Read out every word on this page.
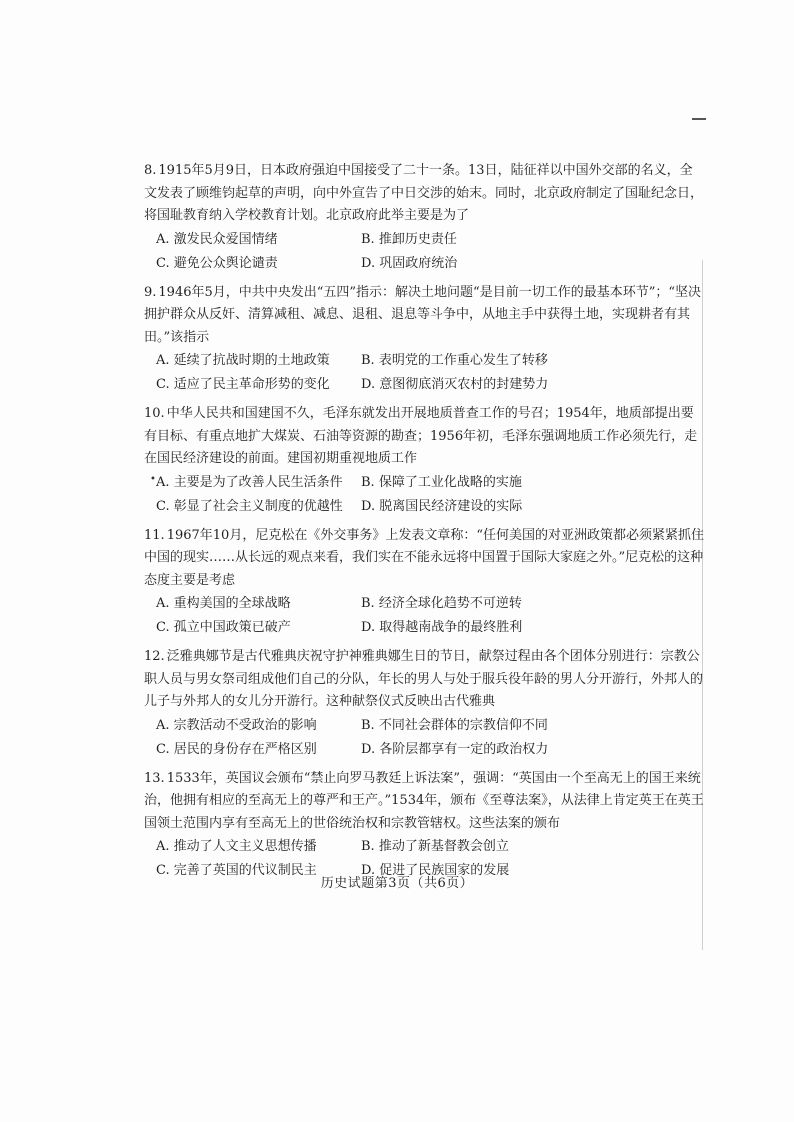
•
8. 1915年5月9日，日本政府强迫中国接受了二十一条。13日，陆征祥以中国外交部的名义，全文发表了顾维钧起草的声明，向中外宣告了中日交涉的始末。同时，北京政府制定了国耻纪念日，将国耻教育纳入学校教育计划。北京政府此举主要是为了
A. 激发民众爱国情绪	B. 推卸历史责任
C. 避免公众舆论谴责	D. 巩固政府统治
9. 1946年5月，中共中央发出“五四”指示：解决土地问题“是目前一切工作的最基本环节”；“坚决拥护群众从反奸、清算减租、减息、退租、退息等斗争中，从地主手中获得土地，实现耕者有其田。”该指示
A. 延续了抗战时期的土地政策	B. 表明党的工作重心发生了转移
C. 适应了民主革命形势的变化	D. 意图彻底消灭农村的封建势力
10. 中华人民共和国建国不久，毛泽东就发出开展地质普查工作的号召；1954年，地质部提出要有目标、有重点地扩大煤炭、石油等资源的勘查；1956年初，毛泽东强调地质工作必须先行，走在国民经济建设的前面。建国初期重视地质工作
A. 主要是为了改善人民生活条件	B. 保障了工业化战略的实施
C. 彰显了社会主义制度的优越性	D. 脱离国民经济建设的实际
11. 1967年10月，尼克松在《外交事务》上发表文章称：“任何美国的对亚洲政策都必须紧紧抓住中国的现实……从长远的观点来看，我们实在不能永远将中国置于国际大家庭之外。”尼克松的这种态度主要是考虑
A. 重构美国的全球战略	B. 经济全球化趋势不可逆转
C. 孤立中国政策已破产	D. 取得越南战争的最终胜利
12. 泛雅典娜节是古代雅典庆祝守护神雅典娜生日的节日，献祭过程由各个团体分别进行：宗教公职人员与男女祭司组成他们自己的分队，年长的男人与处于服兵役年龄的男人分开游行，外邦人的儿子与外邦人的女儿分开游行。这种献祭仪式反映出古代雅典
A. 宗教活动不受政治的影响	B. 不同社会群体的宗教信仰不同
C. 居民的身份存在严格区别	D. 各阶层都享有一定的政治权力
13. 1533年，英国议会颁布“禁止向罗马教廷上诉法案”，强调：“英国由一个至高无上的国王来统治，他拥有相应的至高无上的尊严和王产。”1534年，颁布《至尊法案》，从法律上肯定英王在英王国领土范围内享有至高无上的世俗统治权和宗教管辖权。这些法案的颁布
A. 推动了人文主义思想传播	B. 推动了新基督教会创立
C. 完善了英国的代议制民主	D. 促进了民族国家的发展
历史试题第3页（共6页）
